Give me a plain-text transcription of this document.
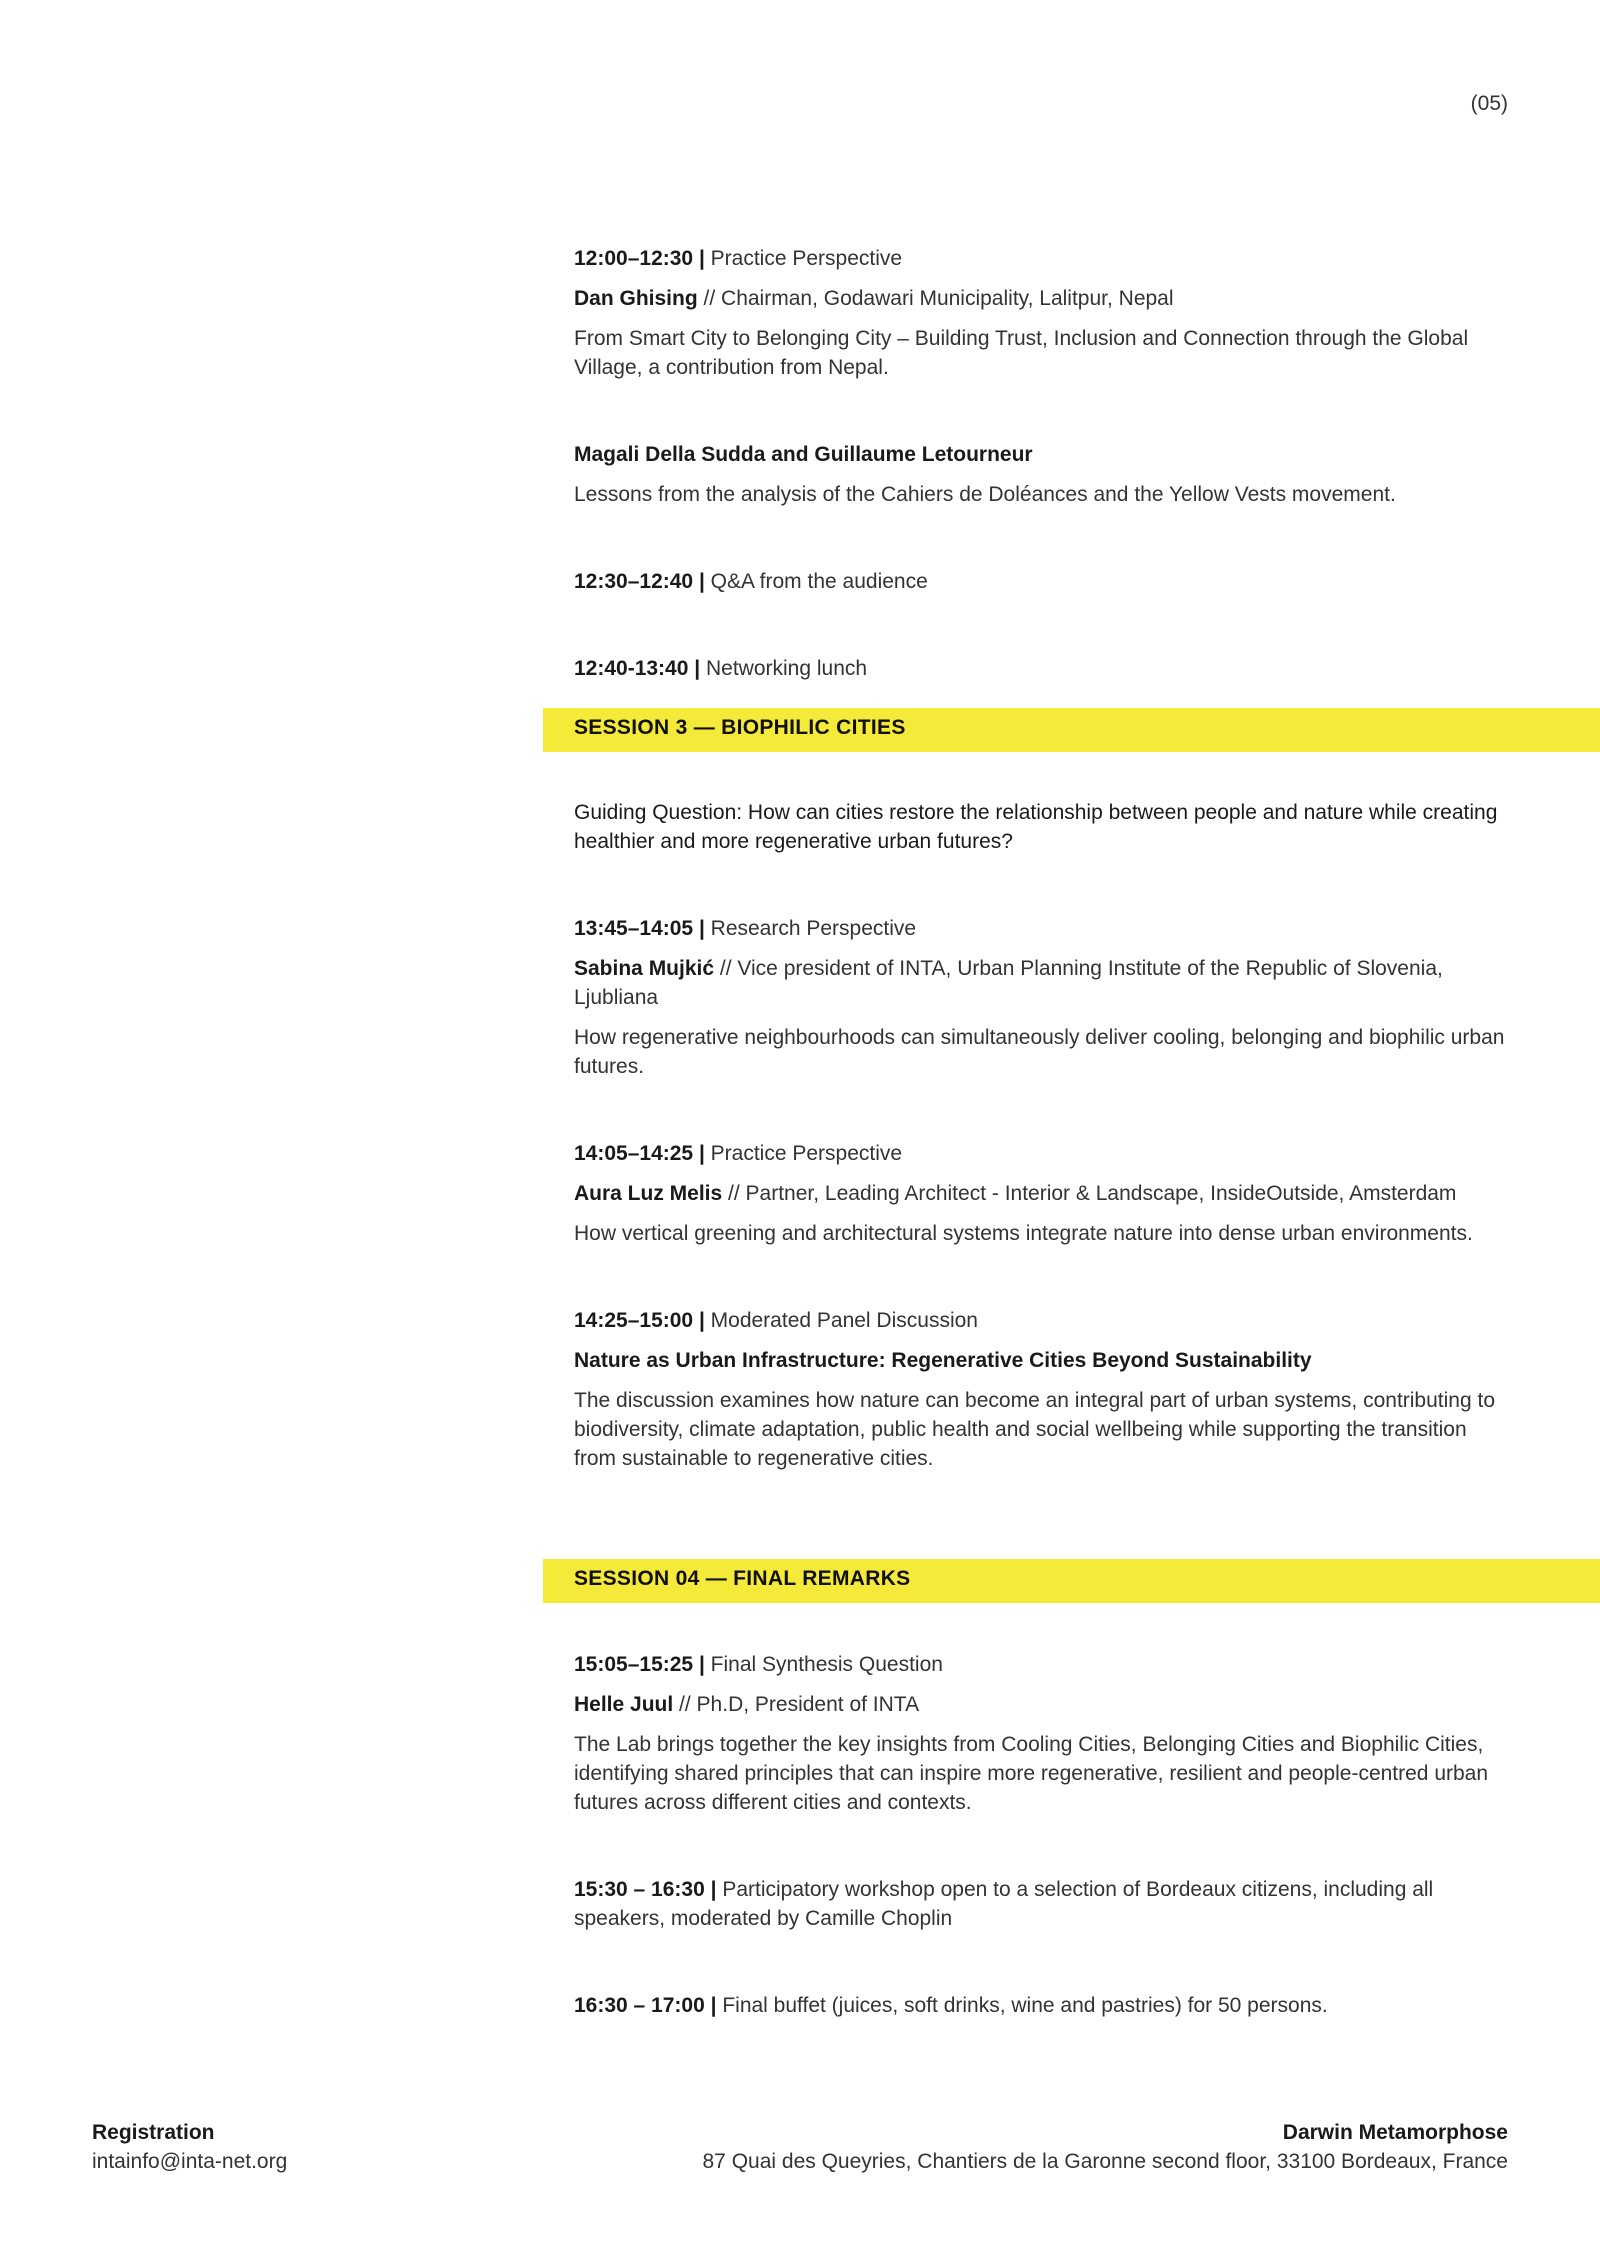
(05)
12:00–12:30 | Practice Perspective
Dan Ghising // Chairman, Godawari Municipality, Lalitpur, Nepal
From Smart City to Belonging City – Building Trust, Inclusion and Connection through the Global Village, a contribution from Nepal.
Magali Della Sudda and Guillaume Letourneur
Lessons from the analysis of the Cahiers de Doléances and the Yellow Vests movement.
12:30–12:40 | Q&A from the audience
12:40-13:40 | Networking lunch
SESSION 3 — BIOPHILIC CITIES
Guiding Question: How can cities restore the relationship between people and nature while creating healthier and more regenerative urban futures?
13:45–14:05 | Research Perspective
Sabina Mujkić // Vice president of INTA, Urban Planning Institute of the Republic of Slovenia, Ljubliana
How regenerative neighbourhoods can simultaneously deliver cooling, belonging and biophilic urban futures.
14:05–14:25 | Practice Perspective
Aura Luz Melis // Partner, Leading Architect - Interior & Landscape, InsideOutside, Amsterdam
How vertical greening and architectural systems integrate nature into dense urban environments.
14:25–15:00 | Moderated Panel Discussion
Nature as Urban Infrastructure: Regenerative Cities Beyond Sustainability
The discussion examines how nature can become an integral part of urban systems, contributing to biodiversity, climate adaptation, public health and social wellbeing while supporting the transition from sustainable to regenerative cities.
SESSION 04 — FINAL REMARKS
15:05–15:25 | Final Synthesis Question
Helle Juul // Ph.D, President of INTA
The Lab brings together the key insights from Cooling Cities, Belonging Cities and Biophilic Cities, identifying shared principles that can inspire more regenerative, resilient and people-centred urban futures across different cities and contexts.
15:30 – 16:30 | Participatory workshop open to a selection of Bordeaux citizens, including all speakers, moderated by Camille Choplin
16:30 – 17:00 | Final buffet (juices, soft drinks, wine and pastries) for 50 persons.
Registration
intainfo@inta-net.org
Darwin Metamorphose
87 Quai des Queyries, Chantiers de la Garonne second floor, 33100 Bordeaux, France
